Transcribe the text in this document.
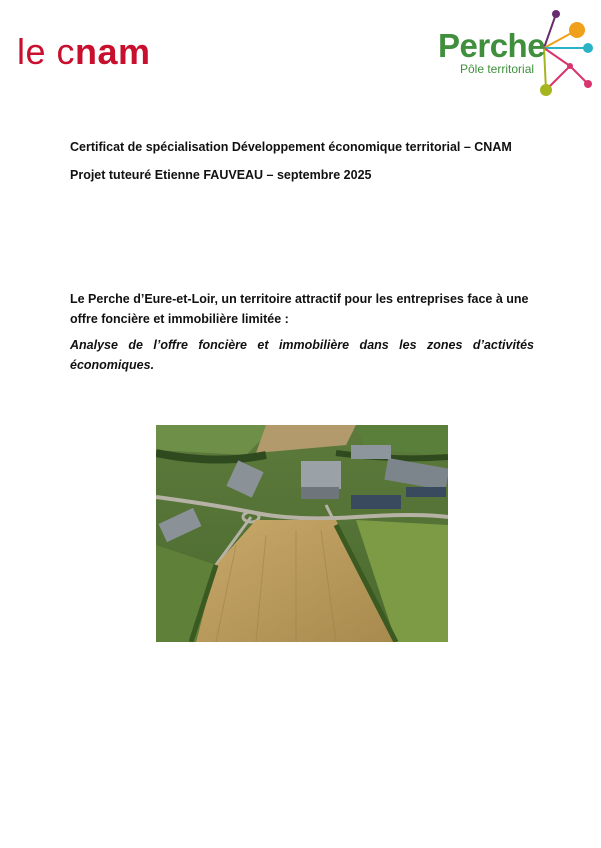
le cnam	Perche
Pôle territorial
Certificat de spécialisation Développement économique territorial – CNAM
Projet tuteuré Etienne FAUVEAU – septembre 2025
Le Perche d’Eure-et-Loir, un territoire attractif pour les entreprises face à une
offre foncière et immobilière limitée :
Analyse de l’offre foncière et immobilière dans les zones d’activités économiques.
